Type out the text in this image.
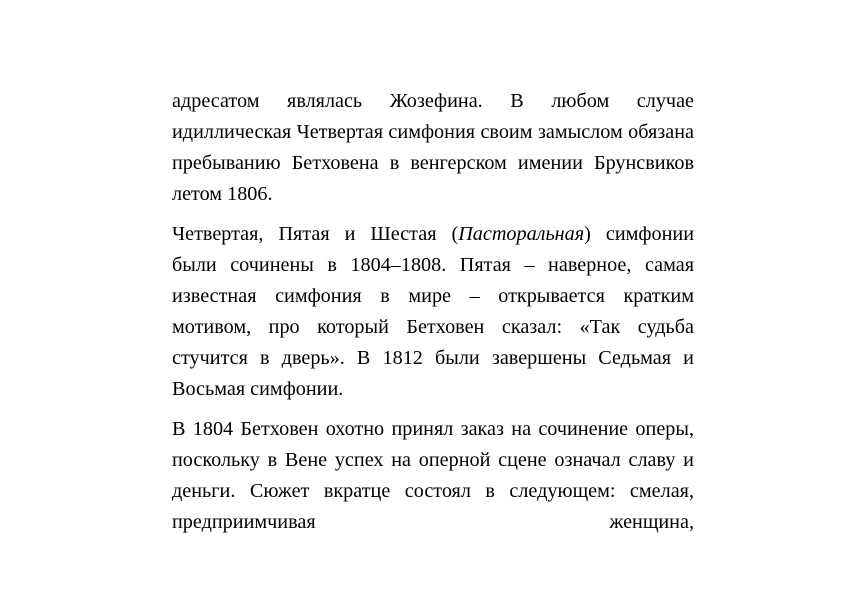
адресатом являлась Жозефина. В любом случае идиллическая Четвертая симфония своим замыслом обязана пребыванию Бетховена в венгерском имении Брунсвиков летом 1806.

Четвертая, Пятая и Шестая (Пасторальная) симфонии были сочинены в 1804–1808. Пятая – наверное, самая известная симфония в мире – открывается кратким мотивом, про который Бетховен сказал: «Так судьба стучится в дверь». В 1812 были завершены Седьмая и Восьмая симфонии.

В 1804 Бетховен охотно принял заказ на сочинение оперы, поскольку в Вене успех на оперной сцене означал славу и деньги. Сюжет вкратце состоял в следующем: смелая, предприимчивая женщина,
